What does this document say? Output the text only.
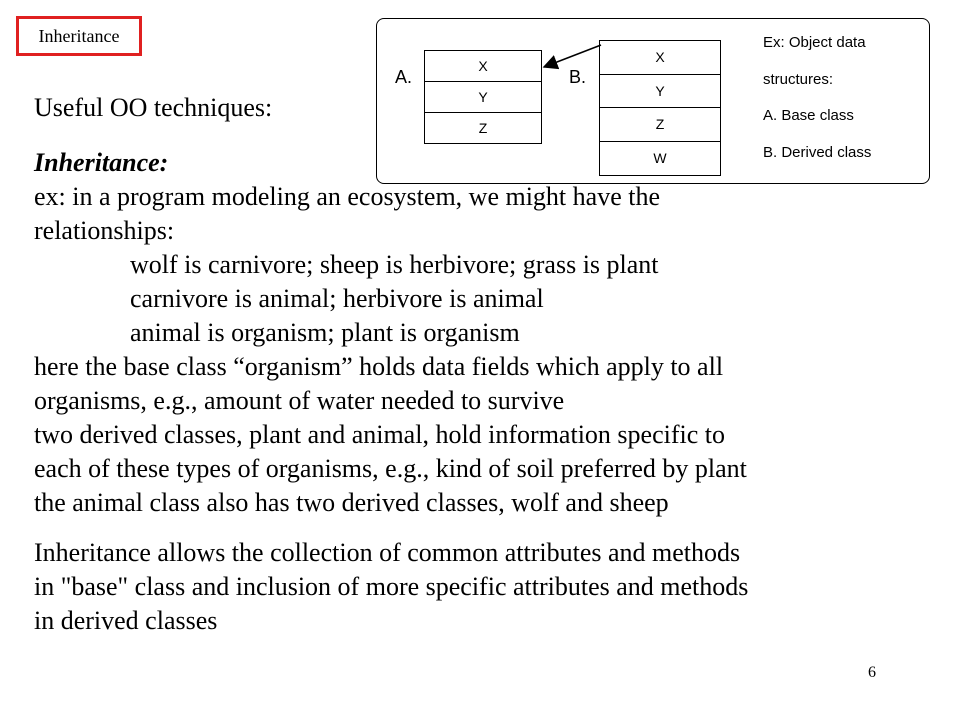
Inheritance
A.
X
Y
Z
B.
X
Y
Z
W
Ex: Object data
structures:
A. Base class
B. Derived class
Useful OO techniques:
Inheritance:
ex: in a program modeling an ecosystem, we might have the
relationships:
wolf is carnivore; sheep is herbivore; grass is plant
carnivore is animal; herbivore is animal
animal is organism; plant is organism
here the base class “organism” holds data fields which apply to all
organisms, e.g., amount of water needed to survive
two derived classes, plant and animal, hold information specific to
each of these types of organisms, e.g., kind of soil preferred by plant
the animal class also has two derived classes, wolf and sheep
Inheritance allows the collection of common attributes and methods
in "base" class and inclusion of more specific attributes and methods
in derived classes
6
